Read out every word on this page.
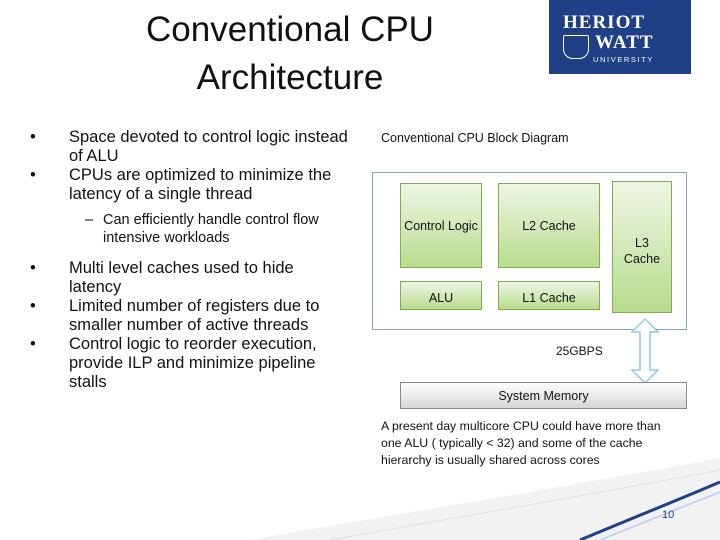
Conventional CPU
Architecture
HERIOT
WATT
UNIVERSITY
• Space devoted to control logic instead of ALU
• CPUs are optimized to minimize the latency of a single thread
– Can efficiently handle control flow intensive workloads
• Multi level caches used to hide latency
• Limited number of registers due to smaller number of active threads
• Control logic to reorder execution, provide ILP and minimize pipeline stalls
Conventional CPU Block Diagram
Control Logic	L2 Cache
L3
Cache
ALU	L1 Cache
25GBPS
System Memory
A present day multicore CPU could have more than one ALU ( typically < 32) and some of the cache hierarchy is usually shared across cores
10
